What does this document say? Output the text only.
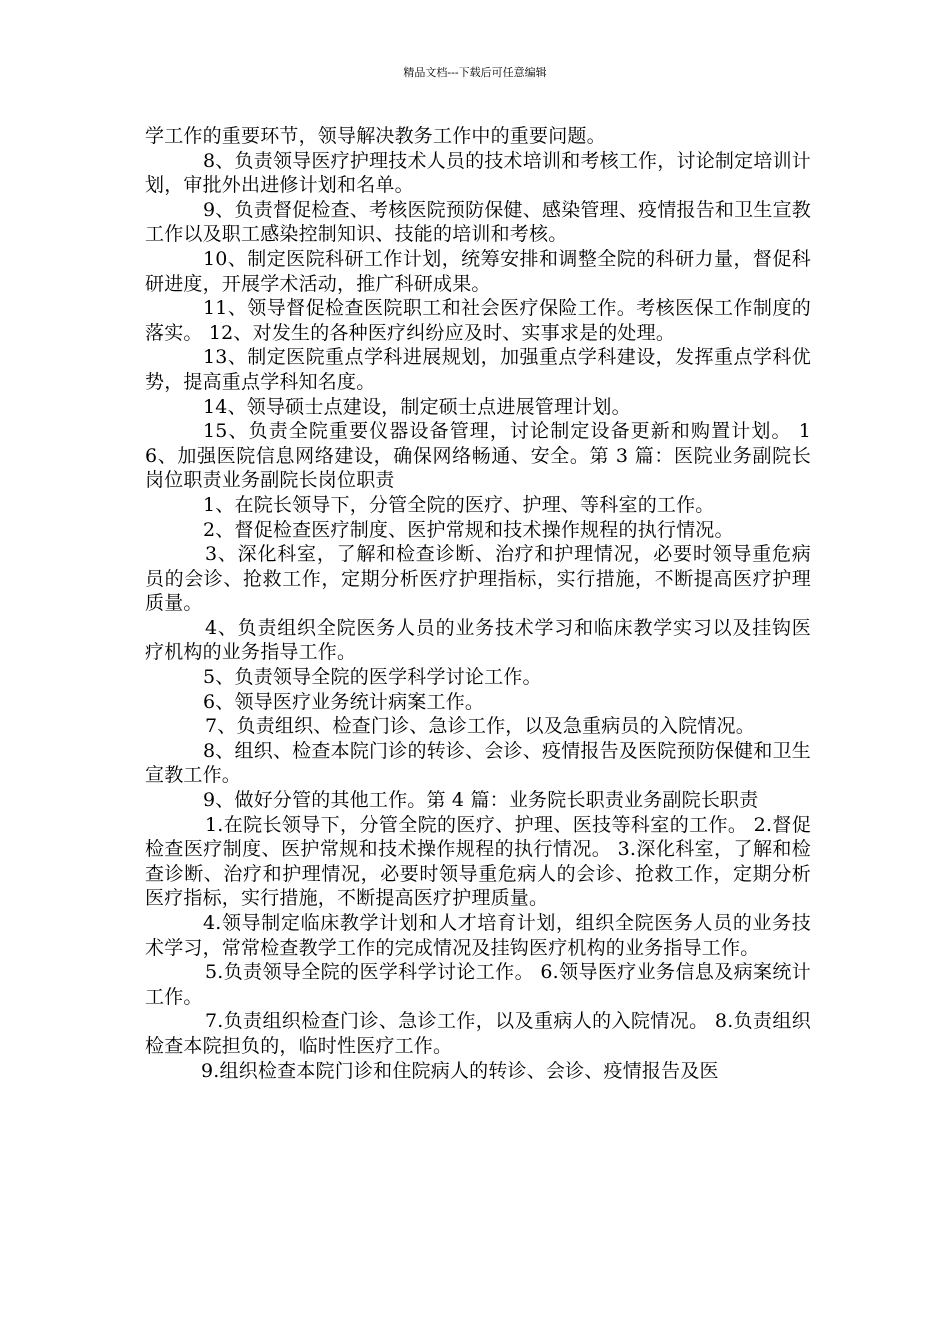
精品文档---下载后可任意编辑

学工作的重要环节，领导解决教务工作中的重要问题。

8、负责领导医疗护理技术人员的技术培训和考核工作，讨论制定培训计划，审批外出进修计划和名单。

9、负责督促检查、考核医院预防保健、感染管理、疫情报告和卫生宣教工作以及职工感染控制知识、技能的培训和考核。

10、制定医院科研工作计划，统筹安排和调整全院的科研力量，督促科研进度，开展学术活动，推广科研成果。

11、领导督促检查医院职工和社会医疗保险工作。考核医保工作制度的落实。 12、对发生的各种医疗纠纷应及时、实事求是的处理。

13、制定医院重点学科进展规划，加强重点学科建设，发挥重点学科优势，提高重点学科知名度。

14、领导硕士点建设，制定硕士点进展管理计划。

15、负责全院重要仪器设备管理，讨论制定设备更新和购置计划。 16、加强医院信息网络建设，确保网络畅通、安全。第 3 篇：医院业务副院长岗位职责业务副院长岗位职责

1、在院长领导下，分管全院的医疗、护理、等科室的工作。

2、督促检查医疗制度、医护常规和技术操作规程的执行情况。

3、深化科室，了解和检查诊断、治疗和护理情况，必要时领导重危病员的会诊、抢救工作，定期分析医疗护理指标，实行措施，不断提高医疗护理质量。

4、负责组织全院医务人员的业务技术学习和临床教学实习以及挂钩医疗机构的业务指导工作。

5、负责领导全院的医学科学讨论工作。

6、领导医疗业务统计病案工作。

7、负责组织、检查门诊、急诊工作，以及急重病员的入院情况。

8、组织、检查本院门诊的转诊、会诊、疫情报告及医院预防保健和卫生宣教工作。

9、做好分管的其他工作。第 4 篇：业务院长职责业务副院长职责

1.在院长领导下，分管全院的医疗、护理、医技等科室的工作。 2.督促检查医疗制度、医护常规和技术操作规程的执行情况。 3.深化科室，了解和检查诊断、治疗和护理情况，必要时领导重危病人的会诊、抢救工作，定期分析医疗指标，实行措施，不断提高医疗护理质量。

4.领导制定临床教学计划和人才培育计划，组织全院医务人员的业务技术学习，常常检查教学工作的完成情况及挂钩医疗机构的业务指导工作。

5.负责领导全院的医学科学讨论工作。 6.领导医疗业务信息及病案统计工作。

7.负责组织检查门诊、急诊工作，以及重病人的入院情况。 8.负责组织检查本院担负的，临时性医疗工作。

9.组织检查本院门诊和住院病人的转诊、会诊、疫情报告及医
